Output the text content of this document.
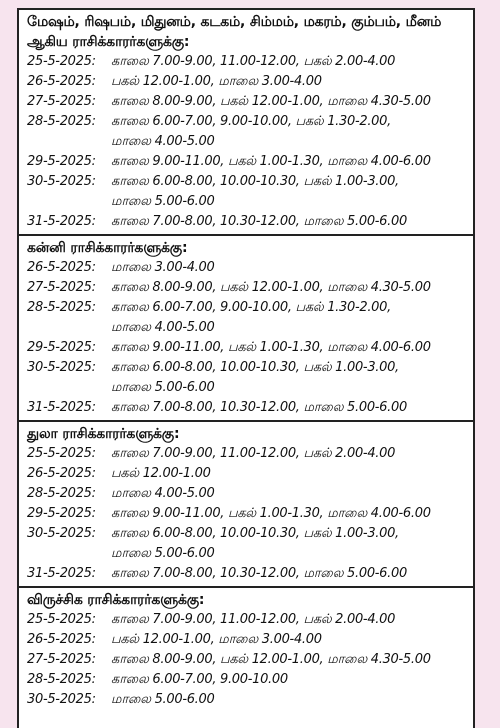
மேஷம், ரிஷபம், மிதுனம், கடகம், சிம்மம், மகரம், கும்பம், மீனம்
ஆகிய ராசிக்காரர்களுக்கு:
25-5-2025:	காலை 7.00-9.00, 11.00-12.00, பகல் 2.00-4.00
26-5-2025:	பகல் 12.00-1.00, மாலை 3.00-4.00
27-5-2025:	காலை 8.00-9.00, பகல் 12.00-1.00, மாலை 4.30-5.00
28-5-2025:	காலை 6.00-7.00, 9.00-10.00, பகல் 1.30-2.00,
மாலை 4.00-5.00
29-5-2025:	காலை 9.00-11.00, பகல் 1.00-1.30, மாலை 4.00-6.00
30-5-2025:	காலை 6.00-8.00, 10.00-10.30, பகல் 1.00-3.00,
மாலை 5.00-6.00
31-5-2025:	காலை 7.00-8.00, 10.30-12.00, மாலை 5.00-6.00
கன்னி ராசிக்காரர்களுக்கு:
26-5-2025:	மாலை 3.00-4.00
27-5-2025:	காலை 8.00-9.00, பகல் 12.00-1.00, மாலை 4.30-5.00
28-5-2025:	காலை 6.00-7.00, 9.00-10.00, பகல் 1.30-2.00,
மாலை 4.00-5.00
29-5-2025:	காலை 9.00-11.00, பகல் 1.00-1.30, மாலை 4.00-6.00
30-5-2025:	காலை 6.00-8.00, 10.00-10.30, பகல் 1.00-3.00,
மாலை 5.00-6.00
31-5-2025:	காலை 7.00-8.00, 10.30-12.00, மாலை 5.00-6.00
துலா ராசிக்காரர்களுக்கு:
25-5-2025:	காலை 7.00-9.00, 11.00-12.00, பகல் 2.00-4.00
26-5-2025:	பகல் 12.00-1.00
28-5-2025:	மாலை 4.00-5.00
29-5-2025:	காலை 9.00-11.00, பகல் 1.00-1.30, மாலை 4.00-6.00
30-5-2025:	காலை 6.00-8.00, 10.00-10.30, பகல் 1.00-3.00,
மாலை 5.00-6.00
31-5-2025:	காலை 7.00-8.00, 10.30-12.00, மாலை 5.00-6.00
விருச்சிக ராசிக்காரர்களுக்கு:
25-5-2025:	காலை 7.00-9.00, 11.00-12.00, பகல் 2.00-4.00
26-5-2025:	பகல் 12.00-1.00, மாலை 3.00-4.00
27-5-2025:	காலை 8.00-9.00, பகல் 12.00-1.00, மாலை 4.30-5.00
28-5-2025:	காலை 6.00-7.00, 9.00-10.00
30-5-2025:	மாலை 5.00-6.00
